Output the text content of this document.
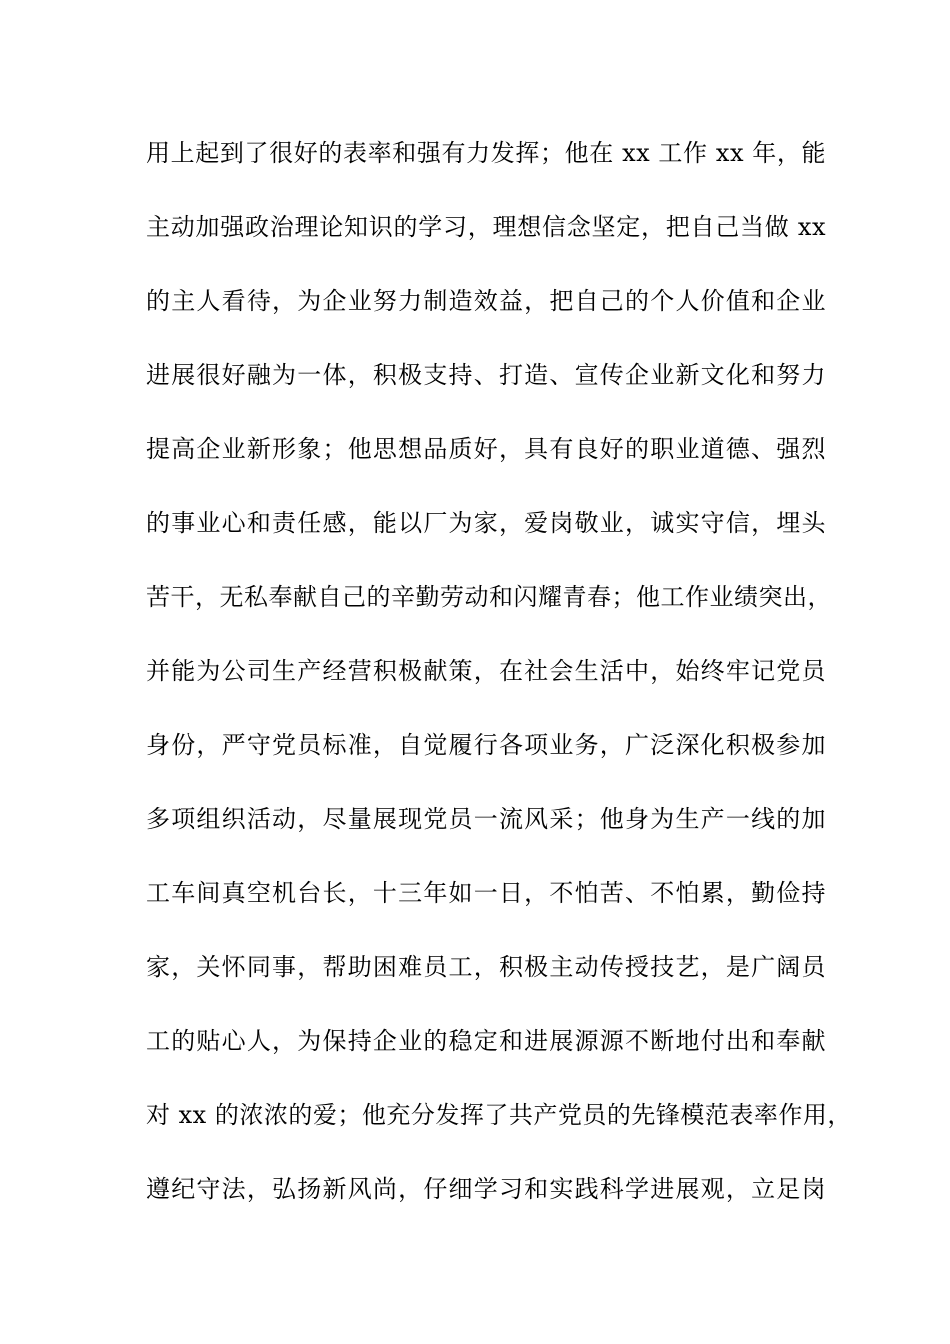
用上起到了很好的表率和强有力发挥；他在 xx 工作 xx 年，能
主动加强政治理论知识的学习，理想信念坚定，把自己当做 xx
的主人看待，为企业努力制造效益，把自己的个人价值和企业
进展很好融为一体，积极支持、打造、宣传企业新文化和努力
提高企业新形象；他思想品质好，具有良好的职业道德、强烈
的事业心和责任感，能以厂为家，爱岗敬业，诚实守信，埋头
苦干，无私奉献自己的辛勤劳动和闪耀青春；他工作业绩突出，
并能为公司生产经营积极献策，在社会生活中，始终牢记党员
身份，严守党员标准，自觉履行各项业务，广泛深化积极参加
多项组织活动，尽量展现党员一流风采；他身为生产一线的加
工车间真空机台长，十三年如一日，不怕苦、不怕累，勤俭持
家，关怀同事，帮助困难员工，积极主动传授技艺，是广阔员
工的贴心人，为保持企业的稳定和进展源源不断地付出和奉献
对 xx 的浓浓的爱；他充分发挥了共产党员的先锋模范表率作用，
遵纪守法，弘扬新风尚，仔细学习和实践科学进展观，立足岗
